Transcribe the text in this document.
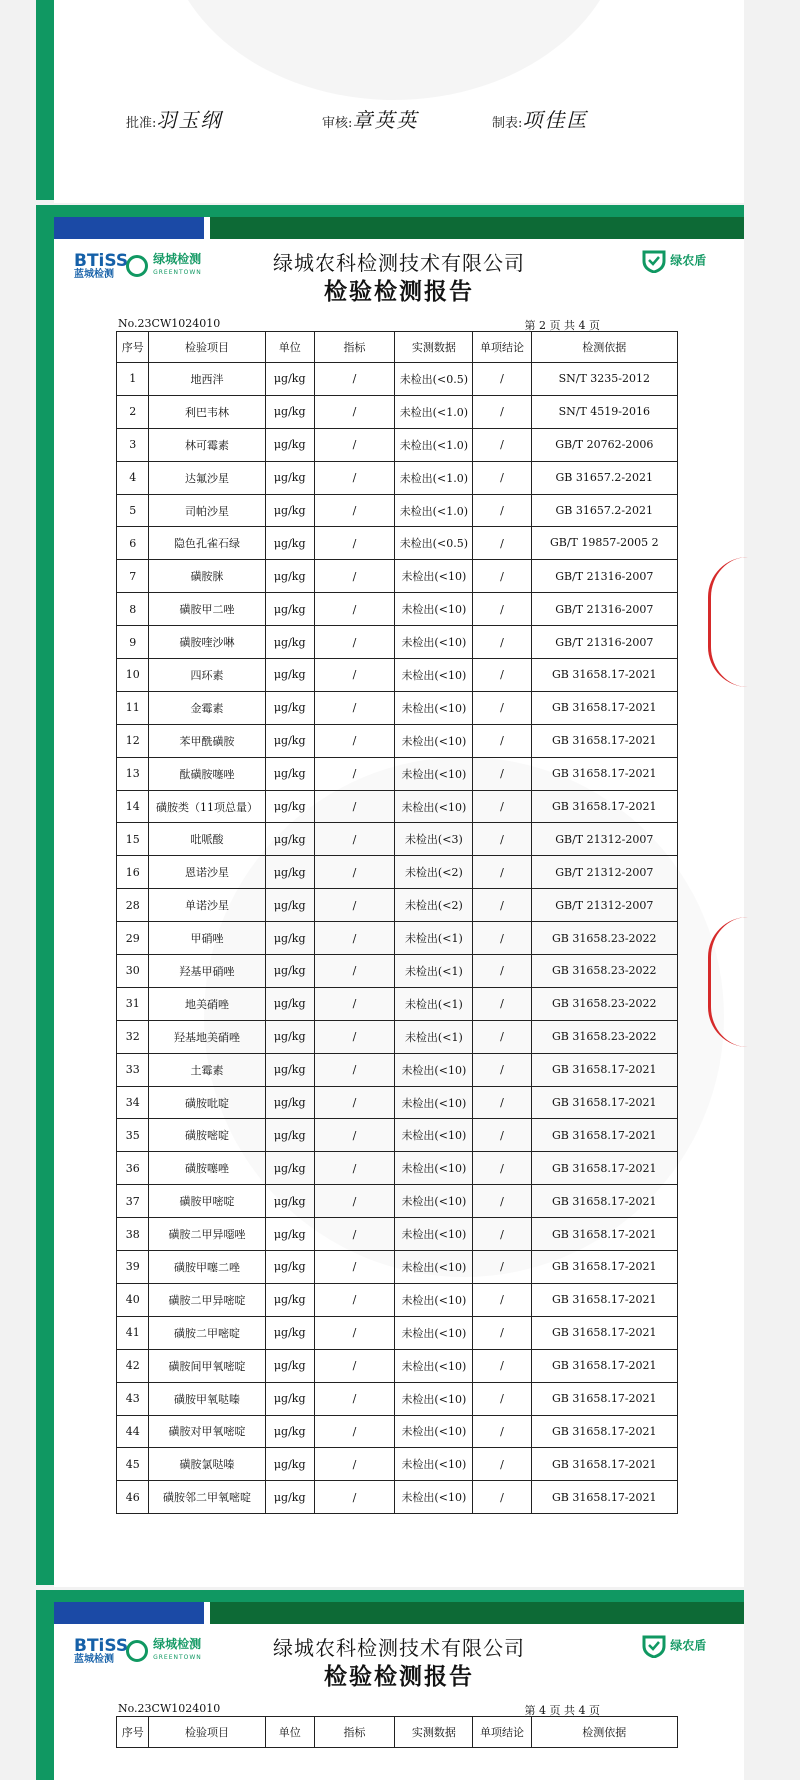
批准:羽玉纲	审核:章英英	制表:项佳匡
BTiSS
蓝城检测
绿城检测
GREENTOWN
绿农盾
绿城农科检测技术有限公司
检验检测报告
No.23CW1024010	第 2 页 共 4 页
序号	检验项目	单位	指标	实测数据	单项结论	检测依据
1	地西泮	μg/kg	/	未检出(<0.5)	/	SN/T 3235-2012
2	利巴韦林	μg/kg	/	未检出(<1.0)	/	SN/T 4519-2016
3	林可霉素	μg/kg	/	未检出(<1.0)	/	GB/T 20762-2006
4	达氟沙星	μg/kg	/	未检出(<1.0)	/	GB 31657.2-2021
5	司帕沙星	μg/kg	/	未检出(<1.0)	/	GB 31657.2-2021
6	隐色孔雀石绿	μg/kg	/	未检出(<0.5)	/	GB/T 19857-2005 2
7	磺胺脒	μg/kg	/	未检出(<10)	/	GB/T 21316-2007
8	磺胺甲二唑	μg/kg	/	未检出(<10)	/	GB/T 21316-2007
9	磺胺喹沙啉	μg/kg	/	未检出(<10)	/	GB/T 21316-2007
10	四环素	μg/kg	/	未检出(<10)	/	GB 31658.17-2021
11	金霉素	μg/kg	/	未检出(<10)	/	GB 31658.17-2021
12	苯甲酰磺胺	μg/kg	/	未检出(<10)	/	GB 31658.17-2021
13	酞磺胺噻唑	μg/kg	/	未检出(<10)	/	GB 31658.17-2021
14	磺胺类（11项总量）	μg/kg	/	未检出(<10)	/	GB 31658.17-2021
15	吡哌酸	μg/kg	/	未检出(<3)	/	GB/T 21312-2007
16	恩诺沙星	μg/kg	/	未检出(<2)	/	GB/T 21312-2007
28	单诺沙星	μg/kg	/	未检出(<2)	/	GB/T 21312-2007
29	甲硝唑	μg/kg	/	未检出(<1)	/	GB 31658.23-2022
30	羟基甲硝唑	μg/kg	/	未检出(<1)	/	GB 31658.23-2022
31	地美硝唑	μg/kg	/	未检出(<1)	/	GB 31658.23-2022
32	羟基地美硝唑	μg/kg	/	未检出(<1)	/	GB 31658.23-2022
33	土霉素	μg/kg	/	未检出(<10)	/	GB 31658.17-2021
34	磺胺吡啶	μg/kg	/	未检出(<10)	/	GB 31658.17-2021
35	磺胺嘧啶	μg/kg	/	未检出(<10)	/	GB 31658.17-2021
36	磺胺噻唑	μg/kg	/	未检出(<10)	/	GB 31658.17-2021
37	磺胺甲嘧啶	μg/kg	/	未检出(<10)	/	GB 31658.17-2021
38	磺胺二甲异噁唑	μg/kg	/	未检出(<10)	/	GB 31658.17-2021
39	磺胺甲噻二唑	μg/kg	/	未检出(<10)	/	GB 31658.17-2021
40	磺胺二甲异嘧啶	μg/kg	/	未检出(<10)	/	GB 31658.17-2021
41	磺胺二甲嘧啶	μg/kg	/	未检出(<10)	/	GB 31658.17-2021
42	磺胺间甲氧嘧啶	μg/kg	/	未检出(<10)	/	GB 31658.17-2021
43	磺胺甲氧哒嗪	μg/kg	/	未检出(<10)	/	GB 31658.17-2021
44	磺胺对甲氧嘧啶	μg/kg	/	未检出(<10)	/	GB 31658.17-2021
45	磺胺氯哒嗪	μg/kg	/	未检出(<10)	/	GB 31658.17-2021
46	磺胺邻二甲氧嘧啶	μg/kg	/	未检出(<10)	/	GB 31658.17-2021
BTiSS
蓝城检测
绿城检测
GREENTOWN
绿农盾
绿城农科检测技术有限公司
检验检测报告
No.23CW1024010	第 4 页 共 4 页
序号	检验项目	单位	指标	实测数据	单项结论	检测依据
